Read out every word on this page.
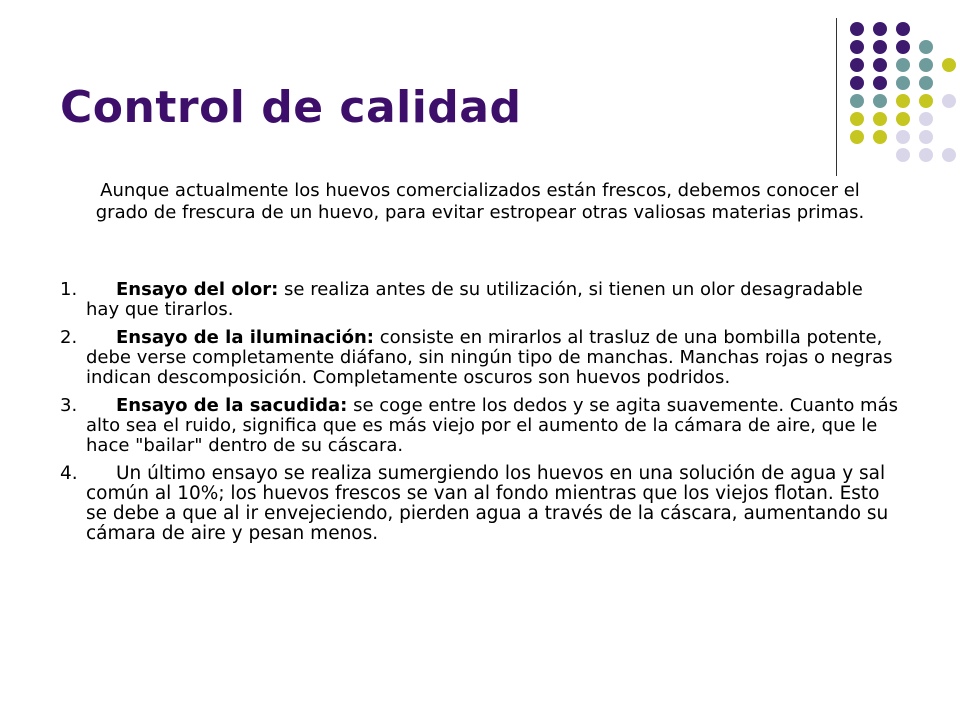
Control de calidad

Aunque actualmente los huevos comercializados están frescos, debemos conocer el grado de frescura de un huevo, para evitar estropear otras valiosas materias primas.

1.	Ensayo del olor: se realiza antes de su utilización, si tienen un olor desagradable hay que tirarlos.
2.	Ensayo de la iluminación: consiste en mirarlos al trasluz de una bombilla potente, debe verse completamente diáfano, sin ningún tipo de manchas. Manchas rojas o negras indican descomposición. Completamente oscuros son huevos podridos.
3.	Ensayo de la sacudida: se coge entre los dedos y se agita suavemente. Cuanto más alto sea el ruido, significa que es más viejo por el aumento de la cámara de aire, que le hace "bailar" dentro de su cáscara.
4.	Un último ensayo se realiza sumergiendo los huevos en una solución de agua y sal común al 10%; los huevos frescos se van al fondo mientras que los viejos flotan. Esto se debe a que al ir envejeciendo, pierden agua a través de la cáscara, aumentando su cámara de aire y pesan menos.
